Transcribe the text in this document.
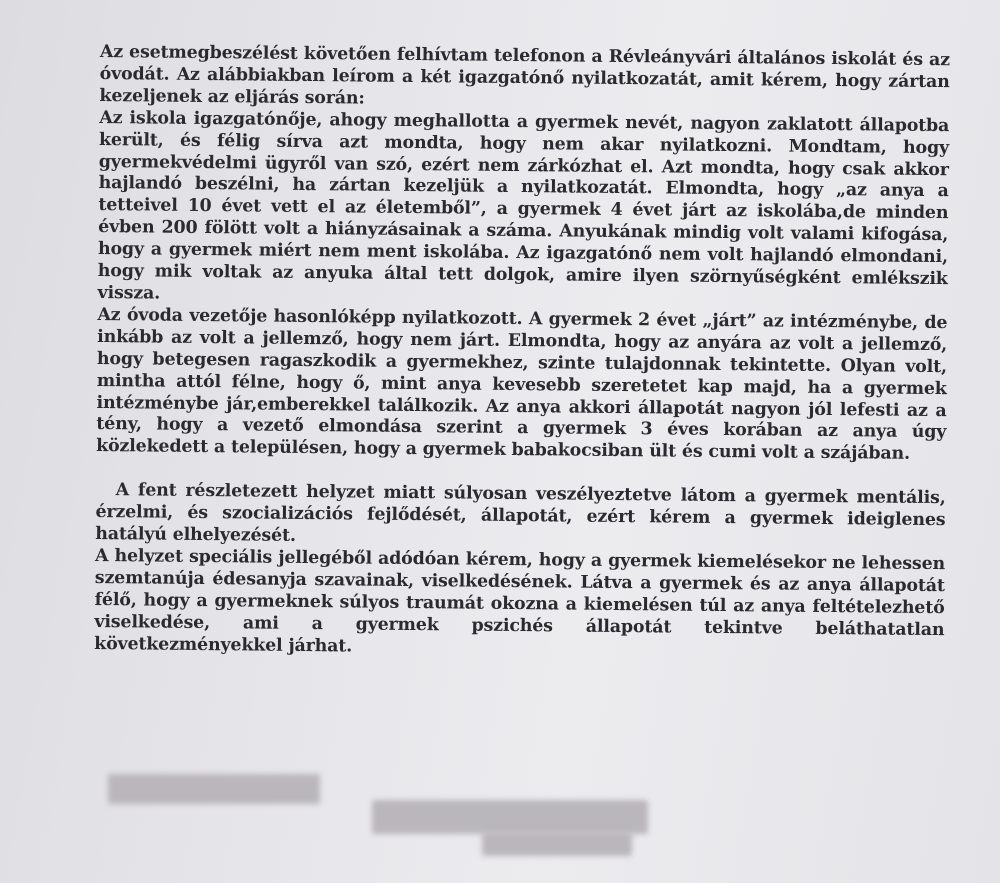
Az esetmegbeszélést követően felhívtam telefonon a Révleányvári általános iskolát és az óvodát. Az alábbiakban leírom a két igazgatónő nyilatkozatát, amit kérem, hogy zártan kezeljenek az eljárás során:

Az iskola igazgatónője, ahogy meghallotta a gyermek nevét, nagyon zaklatott állapotba került, és félig sírva azt mondta, hogy nem akar nyilatkozni. Mondtam, hogy gyermekvédelmi ügyről van szó, ezért nem zárkózhat el. Azt mondta, hogy csak akkor hajlandó beszélni, ha zártan kezeljük a nyilatkozatát. Elmondta, hogy „az anya a tetteivel 10 évet vett el az életemből”, a gyermek 4 évet járt az iskolába,de minden évben 200 fölött volt a hiányzásainak a száma. Anyukának mindig volt valami kifogása, hogy a gyermek miért nem ment iskolába. Az igazgatónő nem volt hajlandó elmondani, hogy mik voltak az anyuka által tett dolgok, amire ilyen szörnyűségként emlékszik vissza.

Az óvoda vezetője hasonlóképp nyilatkozott. A gyermek 2 évet „járt” az intézménybe, de inkább az volt a jellemző, hogy nem járt. Elmondta, hogy az anyára az volt a jellemző, hogy betegesen ragaszkodik a gyermekhez, szinte tulajdonnak tekintette. Olyan volt, mintha attól félne, hogy ő, mint anya kevesebb szeretetet kap majd, ha a gyermek intézménybe jár,emberekkel találkozik. Az anya akkori állapotát nagyon jól lefesti az a tény, hogy a vezető elmondása szerint a gyermek 3 éves korában az anya úgy közlekedett a településen, hogy a gyermek babakocsiban ült és cumi volt a szájában.

A fent részletezett helyzet miatt súlyosan veszélyeztetve látom a gyermek mentális, érzelmi, és szocializációs fejlődését, állapotát, ezért kérem a gyermek ideiglenes hatályú elhelyezését.

A helyzet speciális jellegéből adódóan kérem, hogy a gyermek kiemelésekor ne lehessen szemtanúja édesanyja szavainak, viselkedésének. Látva a gyermek és az anya állapotát félő, hogy a gyermeknek súlyos traumát okozna a kiemelésen túl az anya feltételezhető viselkedése, ami a gyermek pszichés állapotát tekintve beláthatatlan következményekkel járhat.
